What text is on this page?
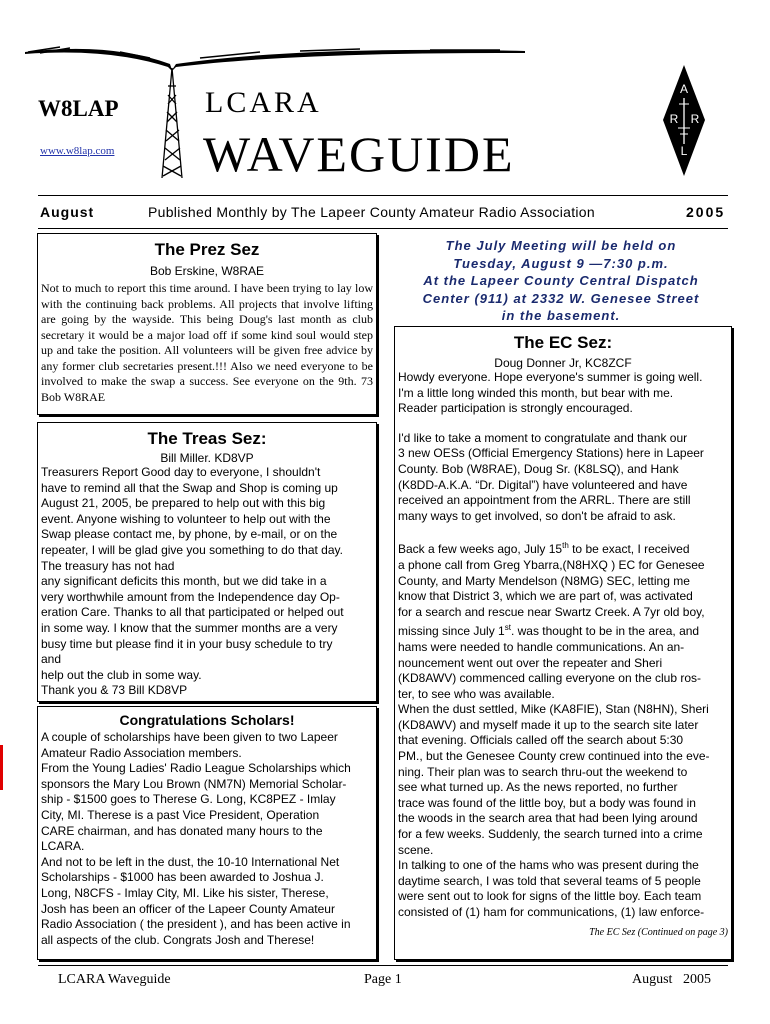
A
R R
L
W8LAP
www.w8lap.com
LCARA
WAVEGUIDE
August	Published Monthly by The Lapeer County Amateur Radio Association	2005
The Prez Sez
Bob Erskine, W8RAE

Not to much to report this time around. I have been trying to lay low with the continuing back problems. All projects that involve lifting are going by the wayside. This being Doug's last month as club secretary it would be a major load off if some kind soul would step up and take the position. All volunteers will be given free advice by any former club secretaries present.!!! Also we need everyone to be involved to make the swap a success. See everyone on the 9th. 73 Bob W8RAE

The Treas Sez:
Bill Miller. KD8VP

Treasurers Report Good day to everyone, I shouldn't
have to remind all that the Swap and Shop is coming up
August 21, 2005, be prepared to help out with this big
event. Anyone wishing to volunteer to help out with the
Swap please contact me, by phone, by e-mail, or on the
repeater, I will be glad give you something to do that day.
The treasury has not had
any significant deficits this month, but we did take in a
very worthwhile amount from the Independence day Op-
eration Care. Thanks to all that participated or helped out
in some way. I know that the summer months are a very
busy time but please find it in your busy schedule to try
and
help out the club in some way.
Thank you & 73 Bill KD8VP

Congratulations Scholars!

A couple of scholarships have been given to two Lapeer
Amateur Radio Association members.
From the Young Ladies' Radio League Scholarships which
sponsors the Mary Lou Brown (NM7N) Memorial Scholar-
ship - $1500 goes to Therese G. Long, KC8PEZ - Imlay
City, MI. Therese is a past Vice President, Operation
CARE chairman, and has donated many hours to the
LCARA.
And not to be left in the dust, the 10-10 International Net
Scholarships - $1000 has been awarded to Joshua J.
Long, N8CFS - Imlay City, MI. Like his sister, Therese,
Josh has been an officer of the Lapeer County Amateur
Radio Association ( the president ), and has been active in
all aspects of the club. Congrats Josh and Therese!

The July Meeting will be held on
Tuesday, August 9 —7:30 p.m.
At the Lapeer County Central Dispatch
Center (911) at 2332 W. Genesee Street
in the basement.
The EC Sez:
Doug Donner Jr, KC8ZCF

Howdy everyone. Hope everyone's summer is going well.
I'm a little long winded this month, but bear with me.
Reader participation is strongly encouraged.

I'd like to take a moment to congratulate and thank our
3 new OESs (Official Emergency Stations) here in Lapeer
County. Bob (W8RAE), Doug Sr. (K8LSQ), and Hank
(K8DD-A.K.A. “Dr. Digital”) have volunteered and have
received an appointment from the ARRL. There are still
many ways to get involved, so don't be afraid to ask.

Back a few weeks ago, July 15th to be exact, I received
a phone call from Greg Ybarra,(N8HXQ ) EC for Genesee
County, and Marty Mendelson (N8MG) SEC, letting me
know that District 3, which we are part of, was activated
for a search and rescue near Swartz Creek. A 7yr old boy,
missing since July 1st. was thought to be in the area, and
hams were needed to handle communications. An an-
nouncement went out over the repeater and Sheri
(KD8AWV) commenced calling everyone on the club ros-
ter, to see who was available.
When the dust settled, Mike (KA8FIE), Stan (N8HN), Sheri
(KD8AWV) and myself made it up to the search site later
that evening. Officials called off the search about 5:30
PM., but the Genesee County crew continued into the eve-
ning. Their plan was to search thru-out the weekend to
see what turned up. As the news reported, no further
trace was found of the little boy, but a body was found in
the woods in the search area that had been lying around
for a few weeks. Suddenly, the search turned into a crime
scene.
In talking to one of the hams who was present during the
daytime search, I was told that several teams of 5 people
were sent out to look for signs of the little boy. Each team
consisted of (1) ham for communications, (1) law enforce-

The EC Sez (Continued on page 3)
LCARA Waveguide	Page 1	August   2005
